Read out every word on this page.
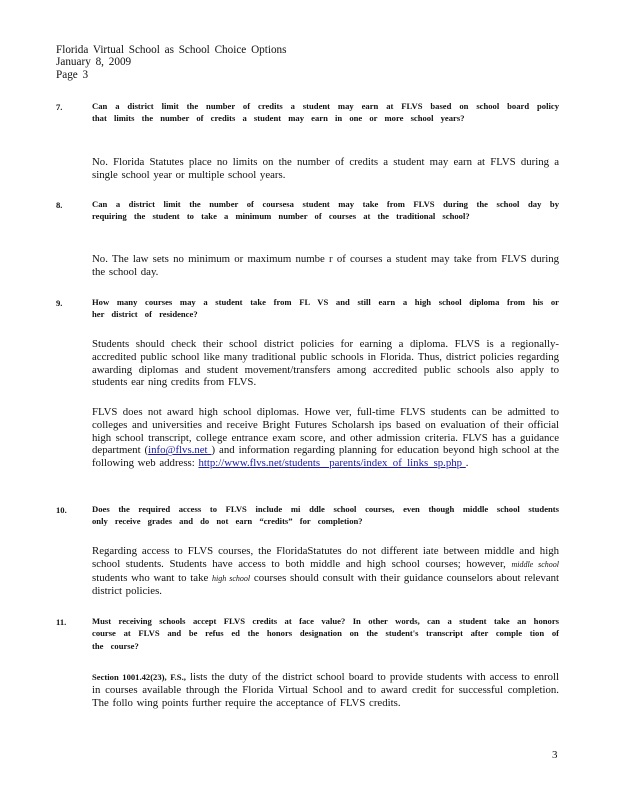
Florida Virtual School as School Choice Options
January 8, 2009
Page 3
7.	Can a district limit the number of credits a student may earn at FLVS based on school board policy that limits the number of credits a student may earn in one or more school years?
No. Florida Statutes place no limits on the number of credits a student may earn at FLVS during a single school year or multiple school years.
8.	Can a district limit the number of coursesa student may take from FLVS during the school day by requiring the student to take a minimum number of courses at the traditional school?
No. The law sets no minimum or maximum numbe r of courses a student may take from FLVS during the school day.
9.	How many courses may a student take from FL VS and still earn a high school diploma from his or her district of residence?
Students should check their school district policies for earning a diploma. FLVS is a regionally-accredited public school like many traditional public schools in Florida. Thus, district policies regarding awarding diplomas and student movement/transfers among accredited public schools also apply to students ear ning credits from FLVS.
FLVS does not award high school diplomas. Howe ver, full-time FLVS students can be admitted to colleges and universities and receive Bright Futures Scholarsh ips based on evaluation of their official high school transcript, college entrance exam score, and other admission criteria. FLVS has a guidance department (info@flvs.net ) and information regarding planning for education beyond high school at the following web address: http://www.flvs.net/students _parents/index_of_links_sp.php .
10.	Does the required access to FLVS include mi ddle school courses, even though middle school students only receive grades and do not earn “credits” for completion?
Regarding access to FLVS courses, the FloridaStatutes do not different iate between middle and high school students. Students have access to both middle and high school courses; however, middle school students who want to take high school courses should consult with their guidance counselors about relevant district policies.
11.	Must receiving schools accept FLVS credits at face value? In other words, can a student take an honors course at FLVS and be refus ed the honors designation on the student's transcript after comple tion of the course?
Section 1001.42(23), F.S., lists the duty of the district school board to provide students with access to enroll in courses available through the Florida Virtual School and to award credit for successful completion. The follo wing points further require the acceptance of FLVS credits.
3
